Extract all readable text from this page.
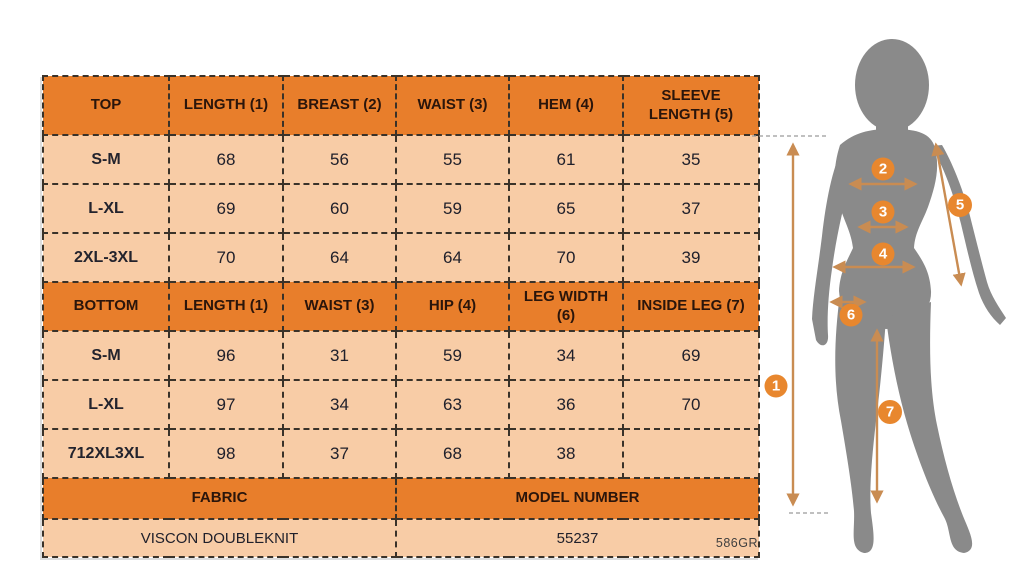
TOP	LENGTH (1)	BREAST (2)	WAIST (3)	HEM (4)	SLEEVE LENGTH (5)
S-M	68	56	55	61	35
L-XL	69	60	59	65	37
2XL-3XL	70	64	64	70	39
BOTTOM	LENGTH (1)	WAIST (3)	HIP (4)	LEG WIDTH (6)	INSIDE LEG (7)
S-M	96	31	59	34	69
L-XL	97	34	63	36	70
712XL3XL	98	37	68	38	
FABRIC			MODEL NUMBER		
VISCON DOUBLEKNIT			55237			586GR
1
2
3
4
5
6
7
